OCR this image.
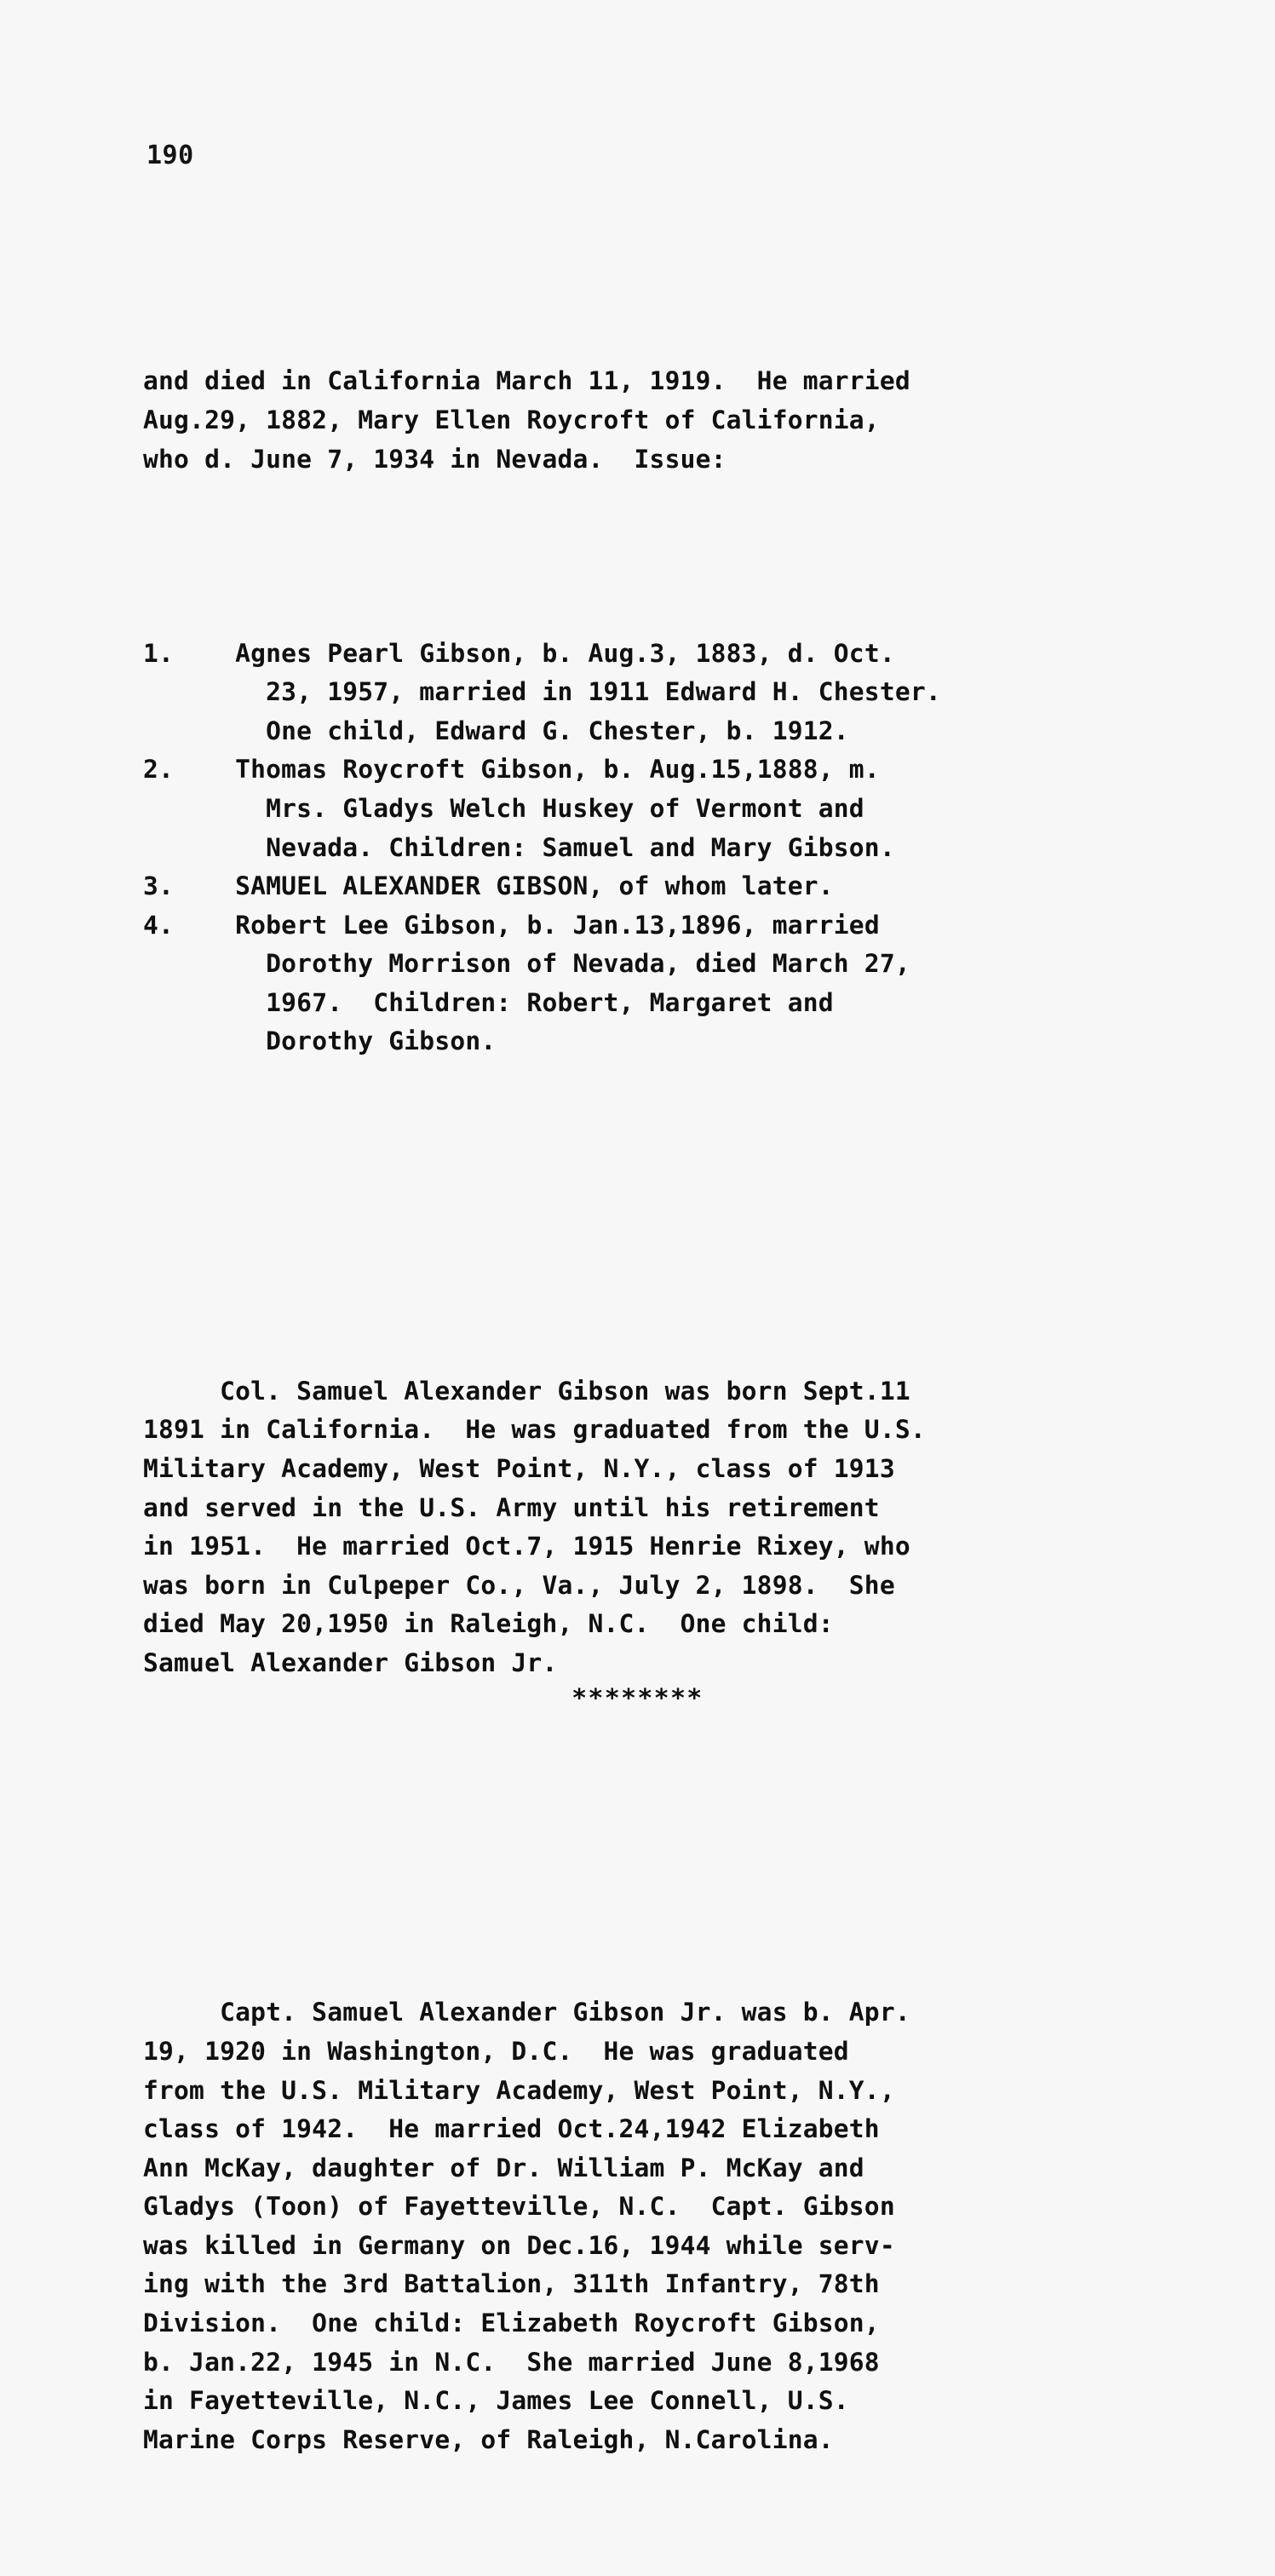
190

and died in California March 11, 1919.  He married
Aug.29, 1882, Mary Ellen Roycroft of California,
who d. June 7, 1934 in Nevada.  Issue:

1. Agnes Pearl Gibson, b. Aug.3, 1883, d. Oct.
23, 1957, married in 1911 Edward H. Chester.
One child, Edward G. Chester, b. 1912.
2. Thomas Roycroft Gibson, b. Aug.15,1888, m.
Mrs. Gladys Welch Huskey of Vermont and
Nevada. Children: Samuel and Mary Gibson.
3. SAMUEL ALEXANDER GIBSON, of whom later.
4. Robert Lee Gibson, b. Jan.13,1896, married
Dorothy Morrison of Nevada, died March 27,
1967.  Children: Robert, Margaret and
Dorothy Gibson.

Col. Samuel Alexander Gibson was born Sept.11
1891 in California.  He was graduated from the U.S.
Military Academy, West Point, N.Y., class of 1913
and served in the U.S. Army until his retirement
in 1951.  He married Oct.7, 1915 Henrie Rixey, who
was born in Culpeper Co., Va., July 2, 1898.  She
died May 20,1950 in Raleigh, N.C.  One child:
Samuel Alexander Gibson Jr.

Capt. Samuel Alexander Gibson Jr. was b. Apr.
19, 1920 in Washington, D.C.  He was graduated
from the U.S. Military Academy, West Point, N.Y.,
class of 1942.  He married Oct.24,1942 Elizabeth
Ann McKay, daughter of Dr. William P. McKay and
Gladys (Toon) of Fayetteville, N.C.  Capt. Gibson
was killed in Germany on Dec.16, 1944 while serv-
ing with the 3rd Battalion, 311th Infantry, 78th
Division.  One child: Elizabeth Roycroft Gibson,
b. Jan.22, 1945 in N.C.  She married June 8,1968
in Fayetteville, N.C., James Lee Connell, U.S.
Marine Corps Reserve, of Raleigh, N.Carolina.

********
